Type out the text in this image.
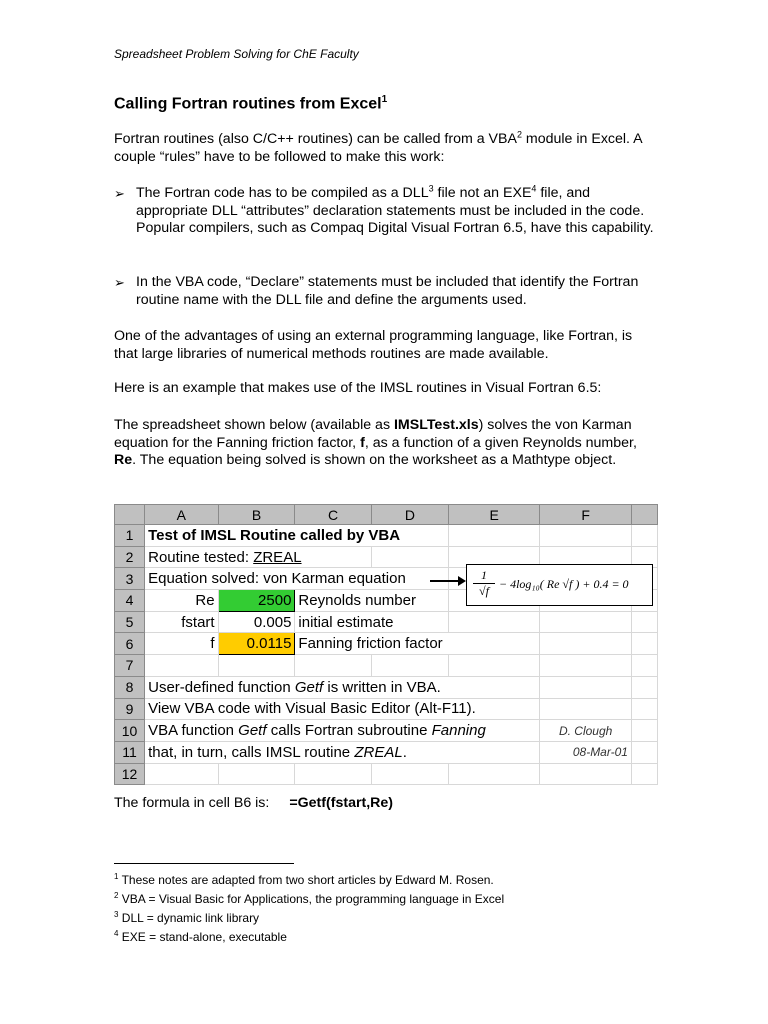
Spreadsheet Problem Solving for ChE Faculty
Calling Fortran routines from Excel$^1$
Fortran routines (also C/C++ routines) can be called from a VBA$^2$ module in Excel. A couple “rules” have to be followed to make this work:
➢ The Fortran code has to be compiled as a DLL$^3$ file not an EXE$^4$ file, and appropriate DLL “attributes” declaration statements must be included in the code. Popular compilers, such as Compaq Digital Visual Fortran 6.5, have this capability.
➢ In the VBA code, “Declare” statements must be included that identify the Fortran routine name with the DLL file and define the arguments used.
One of the advantages of using an external programming language, like Fortran, is that large libraries of numerical methods routines are made available.
Here is an example that makes use of the IMSL routines in Visual Fortran 6.5:
The spreadsheet shown below (available as IMSLTest.xls) solves the von Karman equation for the Fanning friction factor, f, as a function of a given Reynolds number, Re. The equation being solved is shown on the worksheet as a Mathtype object.
	A	B	C	D	E	F	
1	Test of IMSL Routine called by VBA						
2	Routine tested: ZREAL						
3	Equation solved: von Karman equation						
4	Re	2500	Reynolds number				
5	fstart	0.005	initial estimate				
6	f	0.0115	Fanning friction factor				
7							
8	User-defined function Getf is written in VBA.						
9	View VBA code with Visual Basic Editor (Alt-F11).						
10	VBA function Getf calls Fortran subroutine Fanning					D. Clough	
11	that, in turn, calls IMSL routine ZREAL.					08-Mar-01	
12							
$\frac{1}{√f} - 4\log_{10}$( Re √f ) + 0.4 = 0
The formula in cell B6 is: =Getf(fstart,Re)
$^1$ These notes are adapted from two short articles by Edward M. Rosen.
$^2$ VBA = Visual Basic for Applications, the programming language in Excel
$^3$ DLL = dynamic link library
$^4$ EXE = stand-alone, executable
